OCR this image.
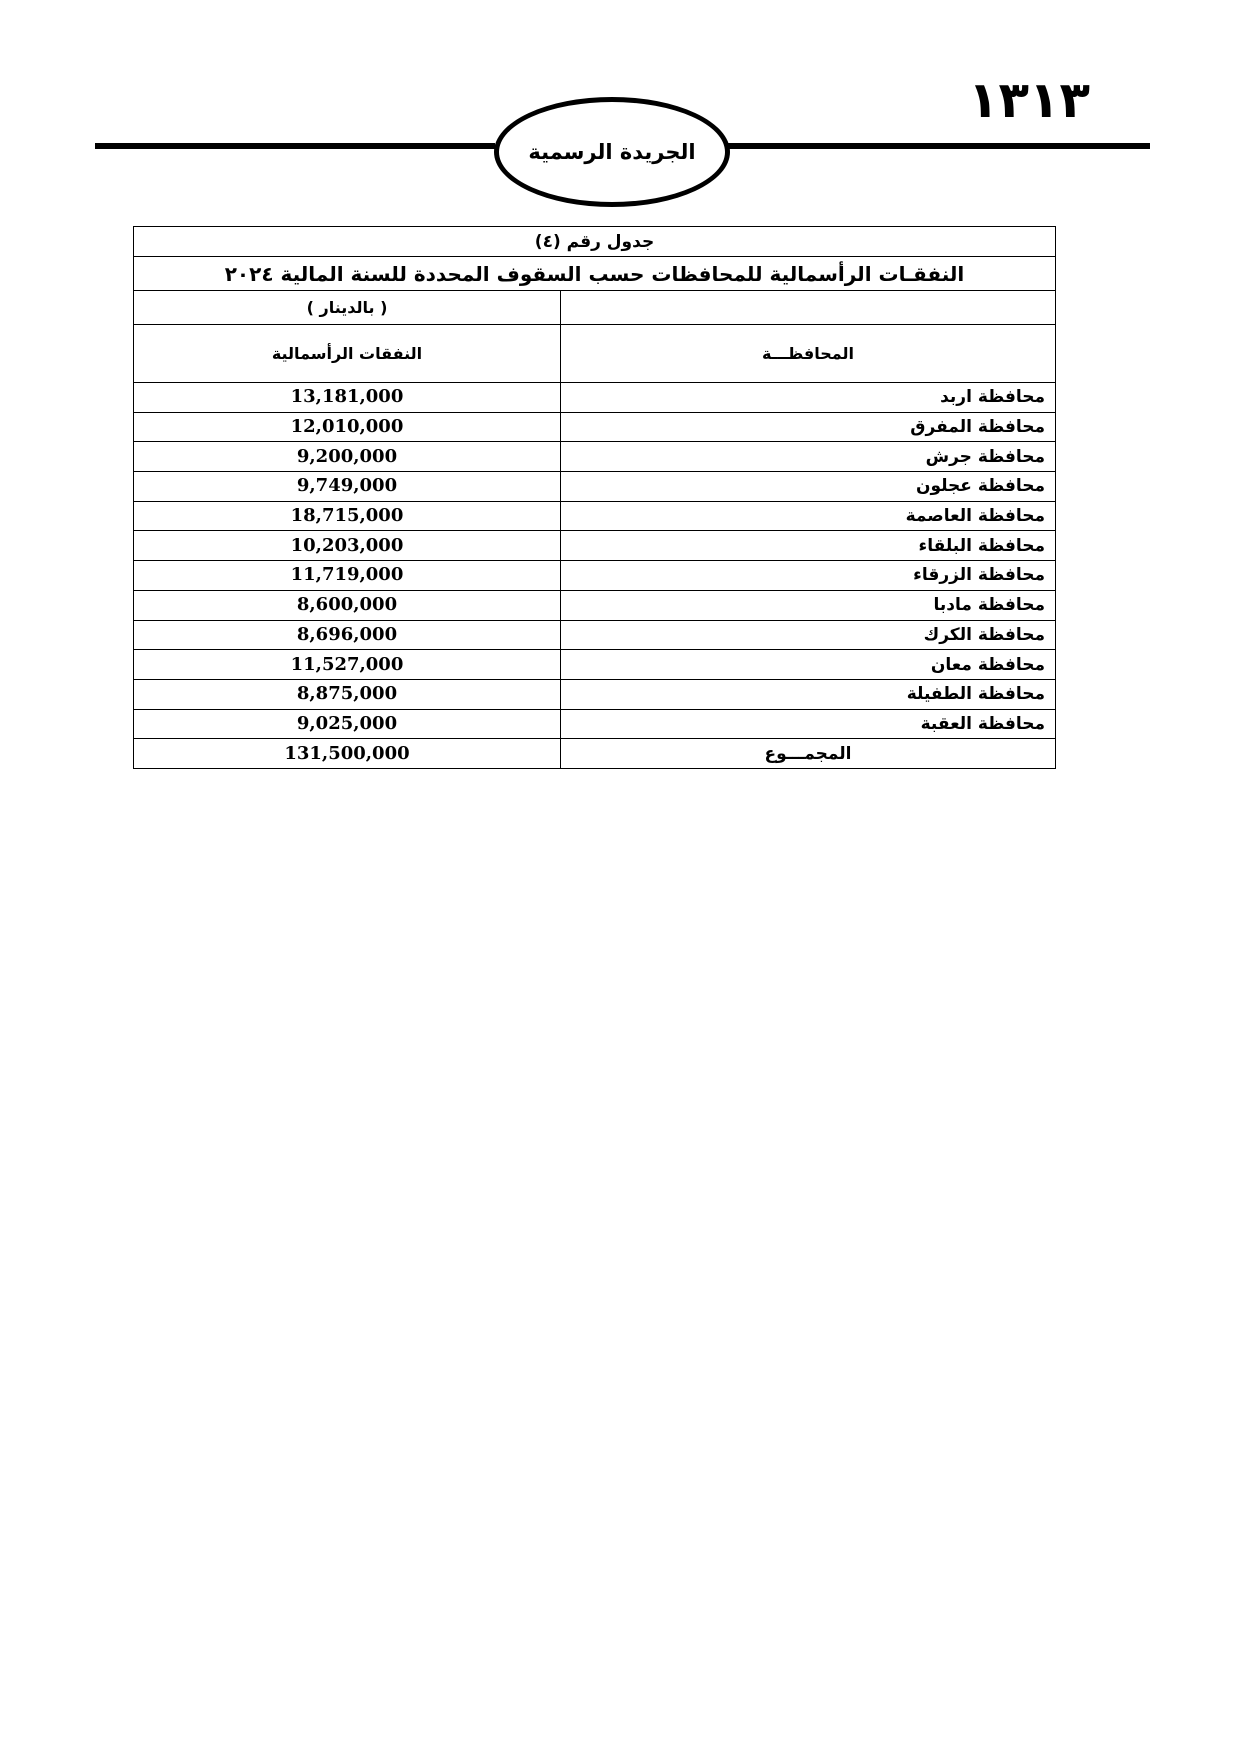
١٣١٣
الجريدة الرسمية
جدول رقم (٤)	
النفقـات الرأسمالية للمحافظات حسب السقوف المحددة للسنة المالية ٢٠٢٤	
	( بالدينار )
المحافظـــة	النفقات الرأسمالية
محافظة اربد	13,181,000
محافظة المفرق	12,010,000
محافظة جرش	9,200,000
محافظة عجلون	9,749,000
محافظة العاصمة	18,715,000
محافظة البلقاء	10,203,000
محافظة الزرقاء	11,719,000
محافظة مادبا	8,600,000
محافظة الكرك	8,696,000
محافظة معان	11,527,000
محافظة الطفيلة	8,875,000
محافظة العقبة	9,025,000
المجمـــوع	131,500,000
